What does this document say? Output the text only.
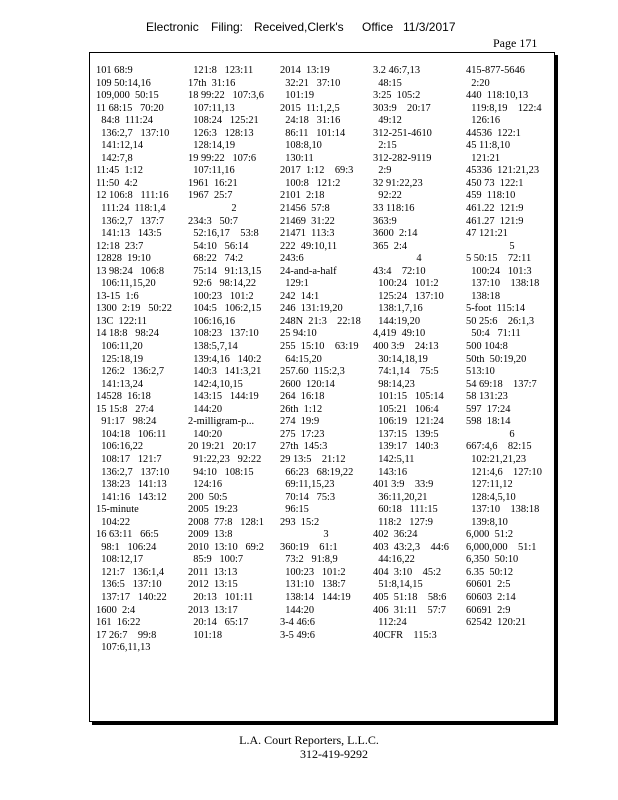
Electronic Filing: Received,Clerk's Office 11/3/2017
Page 171
101 68:9
109 50:14,16
109,000  50:15
11 68:15   70:20
84:8  111:24
136:2,7   137:10
141:12,14
142:7,8
11:45  1:12
11:50  4:2
12 106:8   111:16
111:24  118:1,4
136:2,7   137:7
141:13   143:5
12:18  23:7
12828  19:10
13 98:24   106:8
106:11,15,20
13-15  1:6
1300  2:19   50:22
13C  122:11
14 18:8   98:24
106:11,20
125:18,19
126:2   136:2,7
141:13,24
14528  16:18
15 15:8   27:4
91:17   98:24
104:18   106:11
106:16,22
108:17   121:7
136:2,7   137:10
138:23   141:13
141:16   143:12
15-minute
104:22
16 63:11   66:5
98:1   106:24
108:12,17
121:7   136:1,4
136:5   137:10
137:17   140:22
1600  2:4
161  16:22
17 26:7    99:8
107:6,11,13
121:8   123:11
17th  31:16
18 99:22   107:3,6
107:11,13
108:24   125:21
126:3   128:13
128:14,19
19 99:22   107:6
107:11,16
1961  16:21
1967  25:7
2
234:3   50:7
52:16,17    53:8
54:10   56:14
68:22   74:2
75:14   91:13,15
92:6   98:14,22
100:23   101:2
104:5   106:2,15
106:16,16
108:23   137:10
138:5,7,14
139:4,16   140:2
140:3   141:3,21
142:4,10,15
143:15   144:19
144:20
2-milligram-p...
140:20
20 19:21   20:17
91:22,23   92:22
94:10   108:15
124:16
200  50:5
2005  19:23
2008  77:8   128:1
2009  13:8
2010  13:10   69:2
85:9   100:7
2011  13:13
2012  13:15
20:13   101:11
2013  13:17
20:14   65:17
101:18
2014  13:19
32:21   37:10
101:19
2015  11:1,2,5
24:18   31:16
86:11   101:14
108:8,10
130:11
2017  1:12    69:3
100:8   121:2
2101  2:18
21456  57:8
21469  31:22
21471  113:3
222  49:10,11
243:6
24-and-a-half
129:1
242  14:1
246  131:19,20
248N  21:3    22:18
25 94:10
255  15:10    63:19
64:15,20
257.60  115:2,3
2600  120:14
264  16:18
26th  1:12
274  19:9
275  17:23
27th  145:3
29 13:5    21:12
66:23   68:19,22
69:11,15,23
70:14   75:3
96:15
293  15:2
3
360:19    61:1
73:2   91:8,9
100:23   101:2
131:10   138:7
138:14   144:19
144:20
3-4 46:6
3-5 49:6
3.2 46:7,13
48:15
3:25  105:2
303:9    20:17
49:12
312-251-4610
2:15
312-282-9119
2:9
32 91:22,23
92:22
33 118:16
363:9
3600  2:14
365  2:4
4
43:4    72:10
100:24   101:2
125:24   137:10
138:1,7,16
144:19,20
4,419  49:10
400 3:9    24:13
30:14,18,19
74:1,14    75:5
98:14,23
101:15   105:14
105:21   106:4
106:19   121:24
137:15   139:5
139:17   140:3
142:5,11
143:16
401 3:9    33:9
36:11,20,21
60:18   111:15
118:2   127:9
402  36:24
403  43:2,3    44:6
44:16,22
404  3:10    45:2
51:8,14,15
405  51:18    58:6
406  31:11    57:7
112:24
40CFR    115:3
415-877-5646
2:20
440  118:10,13
119:8,19    122:4
126:16
44536  122:1
45 11:8,10
121:21
45336  121:21,23
450 73  122:1
459  118:10
461.22  121:9
461.27  121:9
47 121:21
5
5 50:15    72:11
100:24   101:3
137:10    138:18
138:18
5-foot  115:14
50 25:6    26:1,3
50:4   71:11
500 104:8
50th  50:19,20
513:10
54 69:18    137:7
58 131:23
597  17:24
598  18:14
6
667:4,6    82:15
102:21,21,23
121:4,6    127:10
127:11,12
128:4,5,10
137:10    138:18
139:8,10
6,000  51:2
6,000,000    51:1
6,350  50:10
6.35  50:12
60601  2:5
60603  2:14
60691  2:9
62542  120:21
L.A. Court Reporters, L.L.C.
312-419-9292
